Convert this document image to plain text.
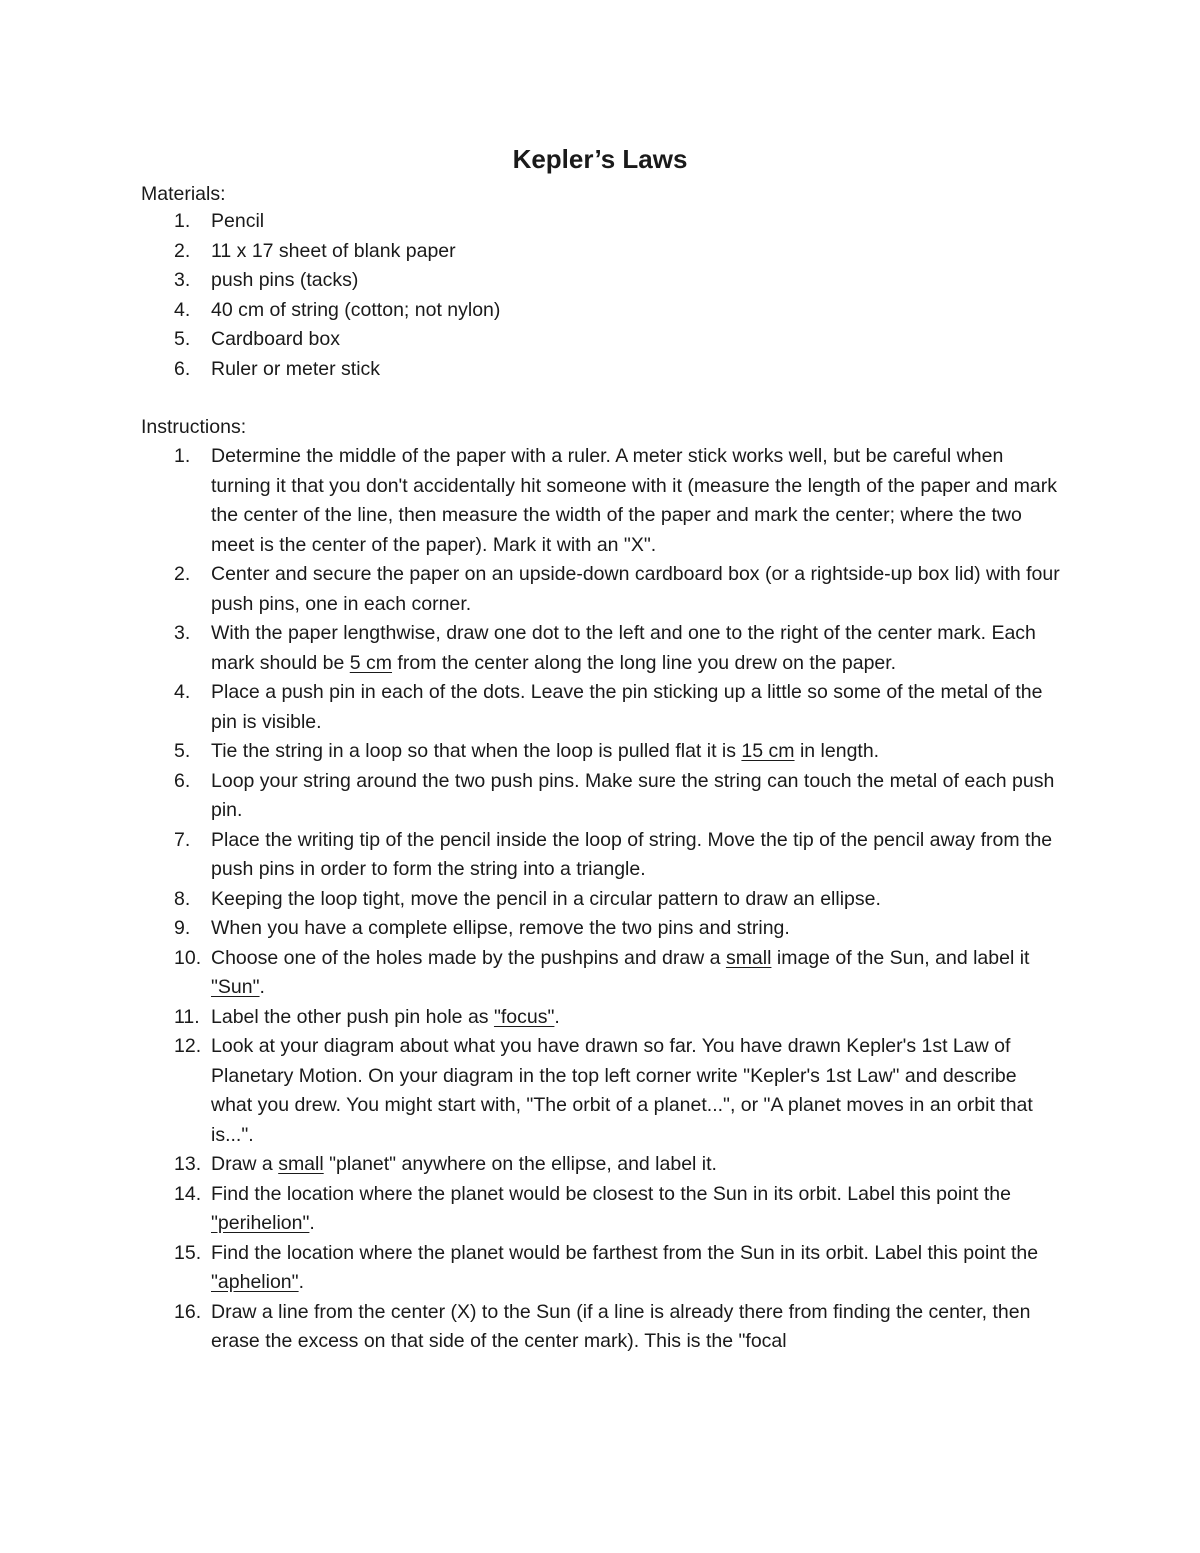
Kepler’s Laws
Materials:
1. Pencil
2. 11 x 17 sheet of blank paper
3. push pins (tacks)
4. 40 cm of string (cotton; not nylon)
5. Cardboard box
6. Ruler or meter stick
Instructions:
1. Determine the middle of the paper with a ruler. A meter stick works well, but be careful when turning it that you don't accidentally hit someone with it (measure the length of the paper and mark the center of the line, then measure the width of the paper and mark the center; where the two meet is the center of the paper). Mark it with an "X".
2. Center and secure the paper on an upside-down cardboard box (or a rightside-up box lid) with four push pins, one in each corner.
3. With the paper lengthwise, draw one dot to the left and one to the right of the center mark. Each mark should be 5 cm from the center along the long line you drew on the paper.
4. Place a push pin in each of the dots. Leave the pin sticking up a little so some of the metal of the pin is visible.
5. Tie the string in a loop so that when the loop is pulled flat it is 15 cm in length.
6. Loop your string around the two push pins. Make sure the string can touch the metal of each push pin.
7. Place the writing tip of the pencil inside the loop of string. Move the tip of the pencil away from the push pins in order to form the string into a triangle.
8. Keeping the loop tight, move the pencil in a circular pattern to draw an ellipse.
9. When you have a complete ellipse, remove the two pins and string.
10. Choose one of the holes made by the pushpins and draw a small image of the Sun, and label it "Sun".
11. Label the other push pin hole as "focus".
12. Look at your diagram about what you have drawn so far. You have drawn Kepler's 1st Law of Planetary Motion. On your diagram in the top left corner write "Kepler's 1st Law" and describe what you drew. You might start with, "The orbit of a planet...", or "A planet moves in an orbit that is...".
13. Draw a small "planet" anywhere on the ellipse, and label it.
14. Find the location where the planet would be closest to the Sun in its orbit. Label this point the "perihelion".
15. Find the location where the planet would be farthest from the Sun in its orbit. Label this point the "aphelion".
16. Draw a line from the center (X) to the Sun (if a line is already there from finding the center, then erase the excess on that side of the center mark). This is the "focal
